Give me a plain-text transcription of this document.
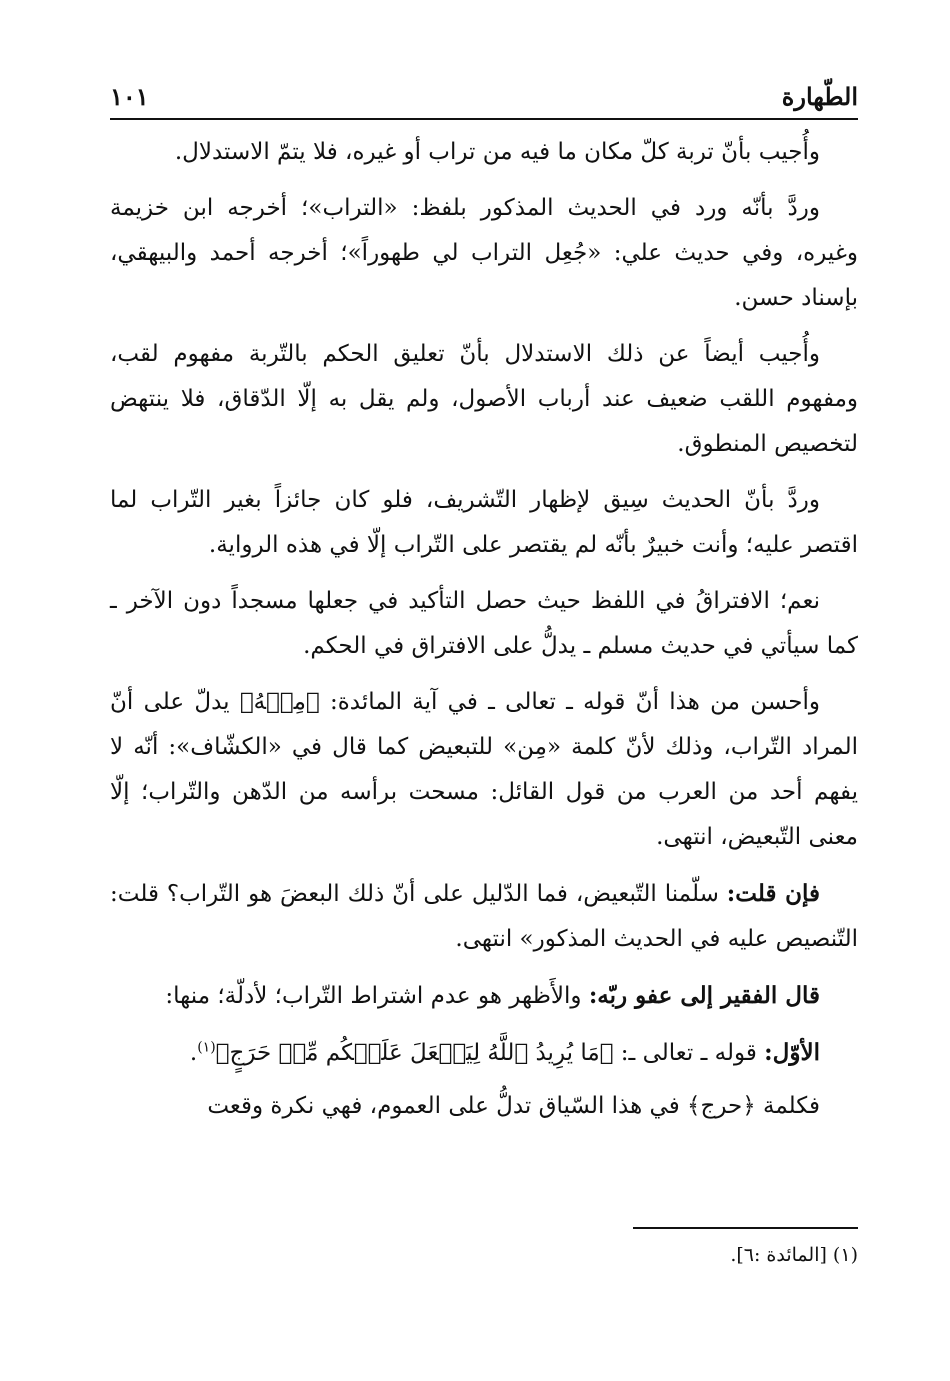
الطّهارة
١٠١

وأُجيب بأنّ تربة كلّ مكان ما فيه من تراب أو غيره، فلا يتمّ الاستدلال.

وردَّ بأنّه ورد في الحديث المذكور بلفظ: «التراب»؛ أخرجه ابن خزيمة وغيره، وفي حديث علي: «جُعِل التراب لي طهوراً»؛ أخرجه أحمد والبيهقي، بإسناد حسن.

وأُجيب أيضاً عن ذلك الاستدلال بأنّ تعليق الحكم بالتّربة مفهوم لقب، ومفهوم اللقب ضعيف عند أرباب الأصول، ولم يقل به إلّا الدّقاق، فلا ينتهض لتخصيص المنطوق.

وردَّ بأنّ الحديث سِيق لإظهار التّشريف، فلو كان جائزاً بغير التّراب لما اقتصر عليه؛ وأنت خبيرٌ بأنّه لم يقتصر على التّراب إلّا في هذه الرواية.

نعم؛ الافتراقُ في اللفظ حيث حصل التأكيد في جعلها مسجداً دون الآخر ـ كما سيأتي في حديث مسلم ـ يدلُّ على الافتراق في الحكم.

وأحسن من هذا أنّ قوله ـ تعالى ـ في آية المائدة: ﴿مِنۡهُ﴾ يدلّ على أنّ المراد التّراب، وذلك لأنّ كلمة «مِن» للتبعيض كما قال في «الكشّاف»: أنّه لا يفهم أحد من العرب من قول القائل: مسحت برأسه من الدّهن والتّراب؛ إلّا معنى التّبعيض، انتهى.

فإن قلت: سلّمنا التّبعيض، فما الدّليل على أنّ ذلك البعضَ هو التّراب؟ قلت: التّنصيص عليه في الحديث المذكور» انتهى.

قال الفقير إلى عفو ربّه: والأَظهر هو عدم اشتراط التّراب؛ لأدلّة؛ منها:

الأوّل: قوله ـ تعالى ـ: ﴿مَا يُرِيدُ ٱللَّهُ لِيَجۡعَلَ عَلَيۡكُم مِّنۡ حَرَجٍ﴾$^{(١)}$.

فكلمة ﴿حرج﴾ في هذا السّياق تدلُّ على العموم، فهي نكرة وقعت

(١) [المائدة :٦].
